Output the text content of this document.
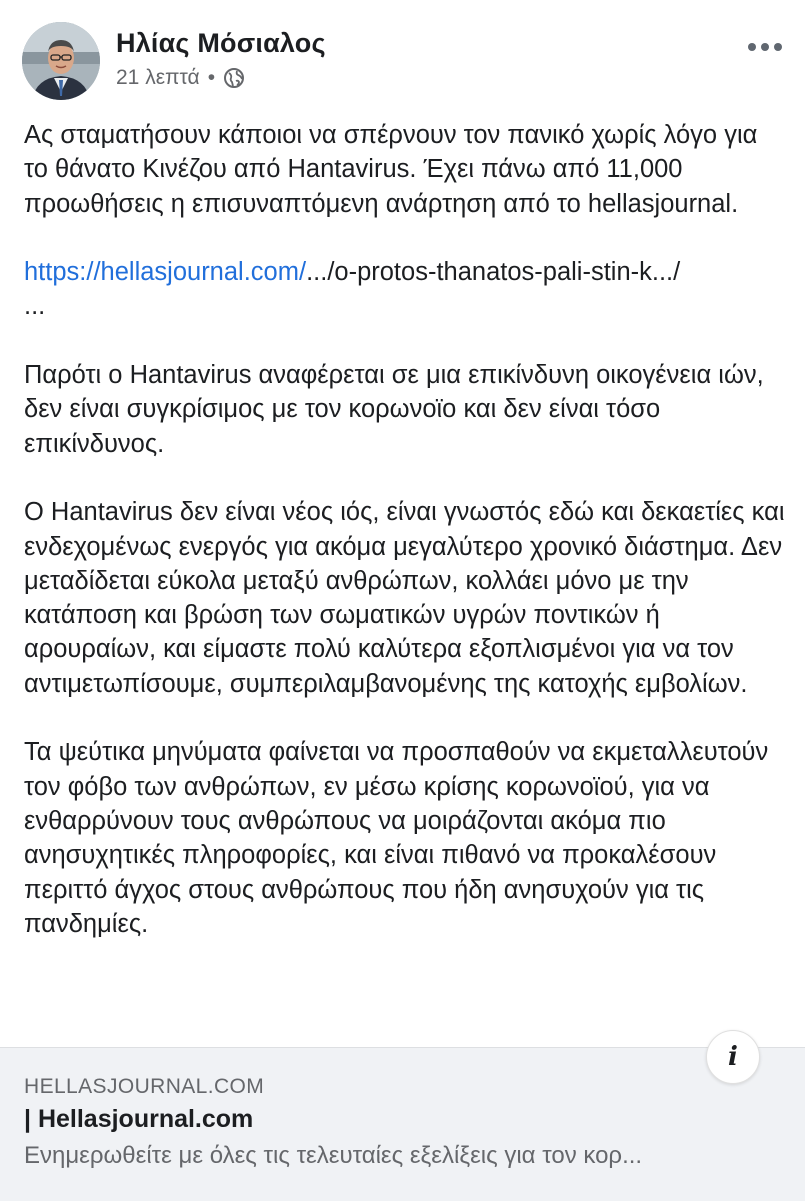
Ηλίας Μόσιαλος
21 λεπτά •

Ας σταματήσουν κάποιοι να σπέρνουν τον πανικό χωρίς λόγο για το θάνατο Κινέζου από Hantavirus. Έχει πάνω από 11,000 προωθήσεις η επισυναπτόμενη ανάρτηση από το hellasjournal.

https://hellasjournal.com/.../o-protos-thanatos-pali-stin-k.../
...

Παρότι ο Hantavirus αναφέρεται σε μια επικίνδυνη οικογένεια ιών, δεν είναι συγκρίσιμος με τον κορωνοϊο και δεν είναι τόσο επικίνδυνος.

Ο Hantavirus δεν είναι νέος ιός, είναι γνωστός εδώ και δεκαετίες και ενδεχομένως ενεργός για ακόμα μεγαλύτερο χρονικό διάστημα. Δεν μεταδίδεται εύκολα μεταξύ ανθρώπων, κολλάει μόνο με την κατάποση και βρώση των σωματικών υγρών ποντικών ή αρουραίων, και είμαστε πολύ καλύτερα εξοπλισμένοι για να τον αντιμετωπίσουμε, συμπεριλαμβανομένης της κατοχής εμβολίων.

Τα ψεύτικα μηνύματα φαίνεται να προσπαθούν να εκμεταλλευτούν τον φόβο των ανθρώπων, εν μέσω κρίσης κορωνοϊού, για να ενθαρρύνουν τους ανθρώπους να μοιράζονται ακόμα πιο ανησυχητικές πληροφορίες, και είναι πιθανό να προκαλέσουν περιττό άγχος στους ανθρώπους που ήδη ανησυχούν για τις πανδημίες.

i
HELLASJOURNAL.COM
| Hellasjournal.com
Ενημερωθείτε με όλες τις τελευταίες εξελίξεις για τον κορ...
